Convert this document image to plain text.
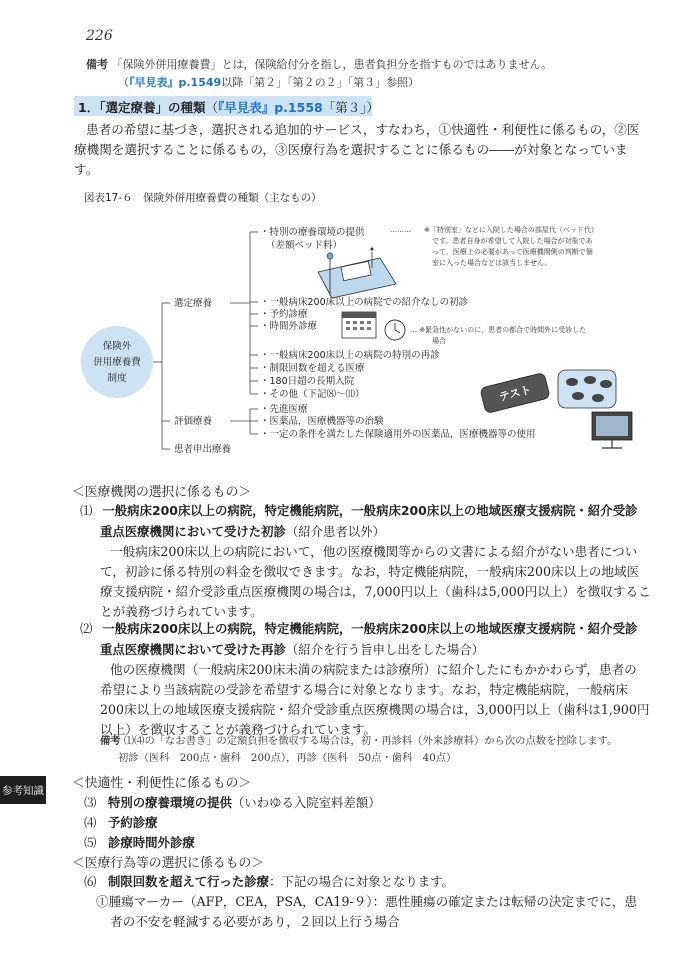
226
備考 「保険外併用療養費」とは，保険給付分を指し，患者負担分を指すものではありません。
（『早見表』p.1549以降「第２」「第２の２」「第３」参照）
1．「選定療養」の種類（『早見表』p.1558「第３」）
患者の希望に基づき，選択される追加的サービス，すなわち，①快適性・利便性に係るもの，②医療機関を選択することに係るもの，③医療行為を選択することに係るもの――が対象となっています。
図表17-６　保険外併用療養費の種類（主なもの）
保険外
併用療養費
制度
選定療養
評価療養
患者申出療養
・特別の療養環境の提供
（差額ベッド料）
・一般病床200床以上の病院での紹介なしの初診
・予約診療
・時間外診療
・一般病床200床以上の病院の特別の再診
・制限回数を超える医療
・180日超の長期入院
・その他（下記⑻〜⑾）
・先進医療
・医薬品，医療機器等の治験
・一定の条件を満たした保険適用外の医薬品，医療機器等の使用
……… ※「特別室」などに入院した場合の部屋代（ベッド代）
です。患者自身が希望して入院した場合が対象であ
って，医療上の必要があって医療機関側の判断で個
室に入った場合などは該当しません。
… ※緊急性がないのに，患者の都合で時間外に受診した
場合
✦
テスト
＜医療機関の選択に係るもの＞
⑴ 一般病床200床以上の病院，特定機能病院，一般病床200床以上の地域医療支援病院・紹介受診
重点医療機関において受けた初診（紹介患者以外）
一般病床200床以上の病院において，他の医療機関等からの文書による紹介がない患者につい
て，初診に係る特別の料金を徴収できます。なお，特定機能病院，一般病床200床以上の地域医
療支援病院・紹介受診重点医療機関の場合は，7,000円以上（歯科は5,000円以上）を徴収するこ
とが義務づけられています。
⑵ 一般病床200床以上の病院，特定機能病院，一般病床200床以上の地域医療支援病院・紹介受診
重点医療機関において受けた再診（紹介を行う旨申し出をした場合）
他の医療機関（一般病床200床未満の病院または診療所）に紹介したにもかかわらず，患者の
希望により当該病院の受診を希望する場合に対象となります。なお，特定機能病院，一般病床
200床以上の地域医療支援病院・紹介受診重点医療機関の場合は，3,000円以上（歯科は1,900円
以上）を徴収することが義務づけられています。
備考 ⑴⑷の「なお書き」の定額負担を徴収する場合は，初・再診料（外来診療料）から次の点数を控除します。
初診（医科　200点・歯科　200点），再診（医科　50点・歯科　40点）
参考知識 ＜快適性・利便性に係るもの＞
⑶ 特別の療養環境の提供（いわゆる入院室料差額）
⑷ 予約診療
⑸ 診療時間外診療
＜医療行為等の選択に係るもの＞
⑹ 制限回数を超えて行った診療：下記の場合に対象となります。
①腫瘍マーカー（AFP，CEA，PSA，CA19-９）：悪性腫瘍の確定または転帰の決定までに，患
者の不安を軽減する必要があり，２回以上行う場合
